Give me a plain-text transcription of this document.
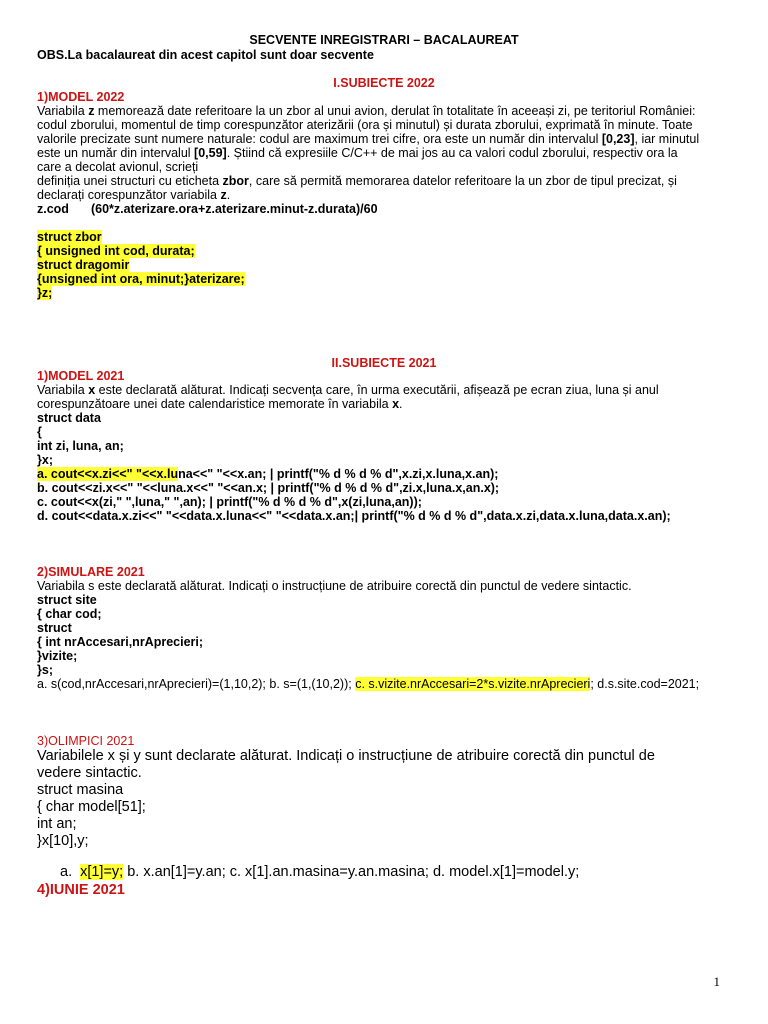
SECVENTE INREGISTRARI – BACALAUREAT
OBS.La bacalaureat din acest capitol sunt doar secvente
I.SUBIECTE 2022
1)MODEL 2022
Variabila z memorează date referitoare la un zbor al unui avion, derulat în totalitate în aceeași zi, pe teritoriul României:
codul zborului, momentul de timp corespunzător aterizării (ora și minutul) și durata zborului, exprimată în minute. Toate
valorile precizate sunt numere naturale: codul are maximum trei cifre, ora este un număr din intervalul [0,23], iar minutul
este un număr din intervalul [0,59]. Știind că expresiile C/C++ de mai jos au ca valori codul zborului, respectiv ora la
care a decolat avionul, scrieți
definiția unei structuri cu eticheta zbor, care să permită memorarea datelor referitoare la un zbor de tipul precizat, și
declarați corespunzător variabila z.
z.cod (60*z.aterizare.ora+z.aterizare.minut-z.durata)/60
struct zbor
{ unsigned int cod, durata;
struct dragomir
{unsigned int ora, minut;}aterizare;
}z;
II.SUBIECTE 2021
1)MODEL 2021
Variabila x este declarată alăturat. Indicați secvența care, în urma executării, afișează pe ecran ziua, luna și anul
corespunzătoare unei date calendaristice memorate în variabila x.
struct data
{
int zi, luna, an;
}x;
a. cout<<x.zi<<" "<<x.luna<<" "<<x.an; | printf("% d % d % d",x.zi,x.luna,x.an);
b. cout<<zi.x<<" "<<luna.x<<" "<<an.x; | printf("% d % d % d",zi.x,luna.x,an.x);
c. cout<<x(zi," ",luna," ",an); | printf("% d % d % d",x(zi,luna,an));
d. cout<<data.x.zi<<" "<<data.x.luna<<" "<<data.x.an;| printf("% d % d % d",data.x.zi,data.x.luna,data.x.an);
2)SIMULARE 2021
Variabila s este declarată alăturat. Indicați o instrucțiune de atribuire corectă din punctul de vedere sintactic.
struct site
{ char cod;
struct
{ int nrAccesari,nrAprecieri;
}vizite;
}s;
a. s(cod,nrAccesari,nrAprecieri)=(1,10,2); b. s=(1,(10,2)); c. s.vizite.nrAccesari=2*s.vizite.nrAprecieri; d.s.site.cod=2021;
3)OLIMPICI 2021
Variabilele x și y sunt declarate alăturat. Indicați o instrucțiune de atribuire corectă din punctul de
vedere sintactic.
struct masina
{ char model[51];
int an;
}x[10],y;
a. x[1]=y; b. x.an[1]=y.an; c. x[1].an.masina=y.an.masina; d. model.x[1]=model.y;
4)IUNIE 2021
1
